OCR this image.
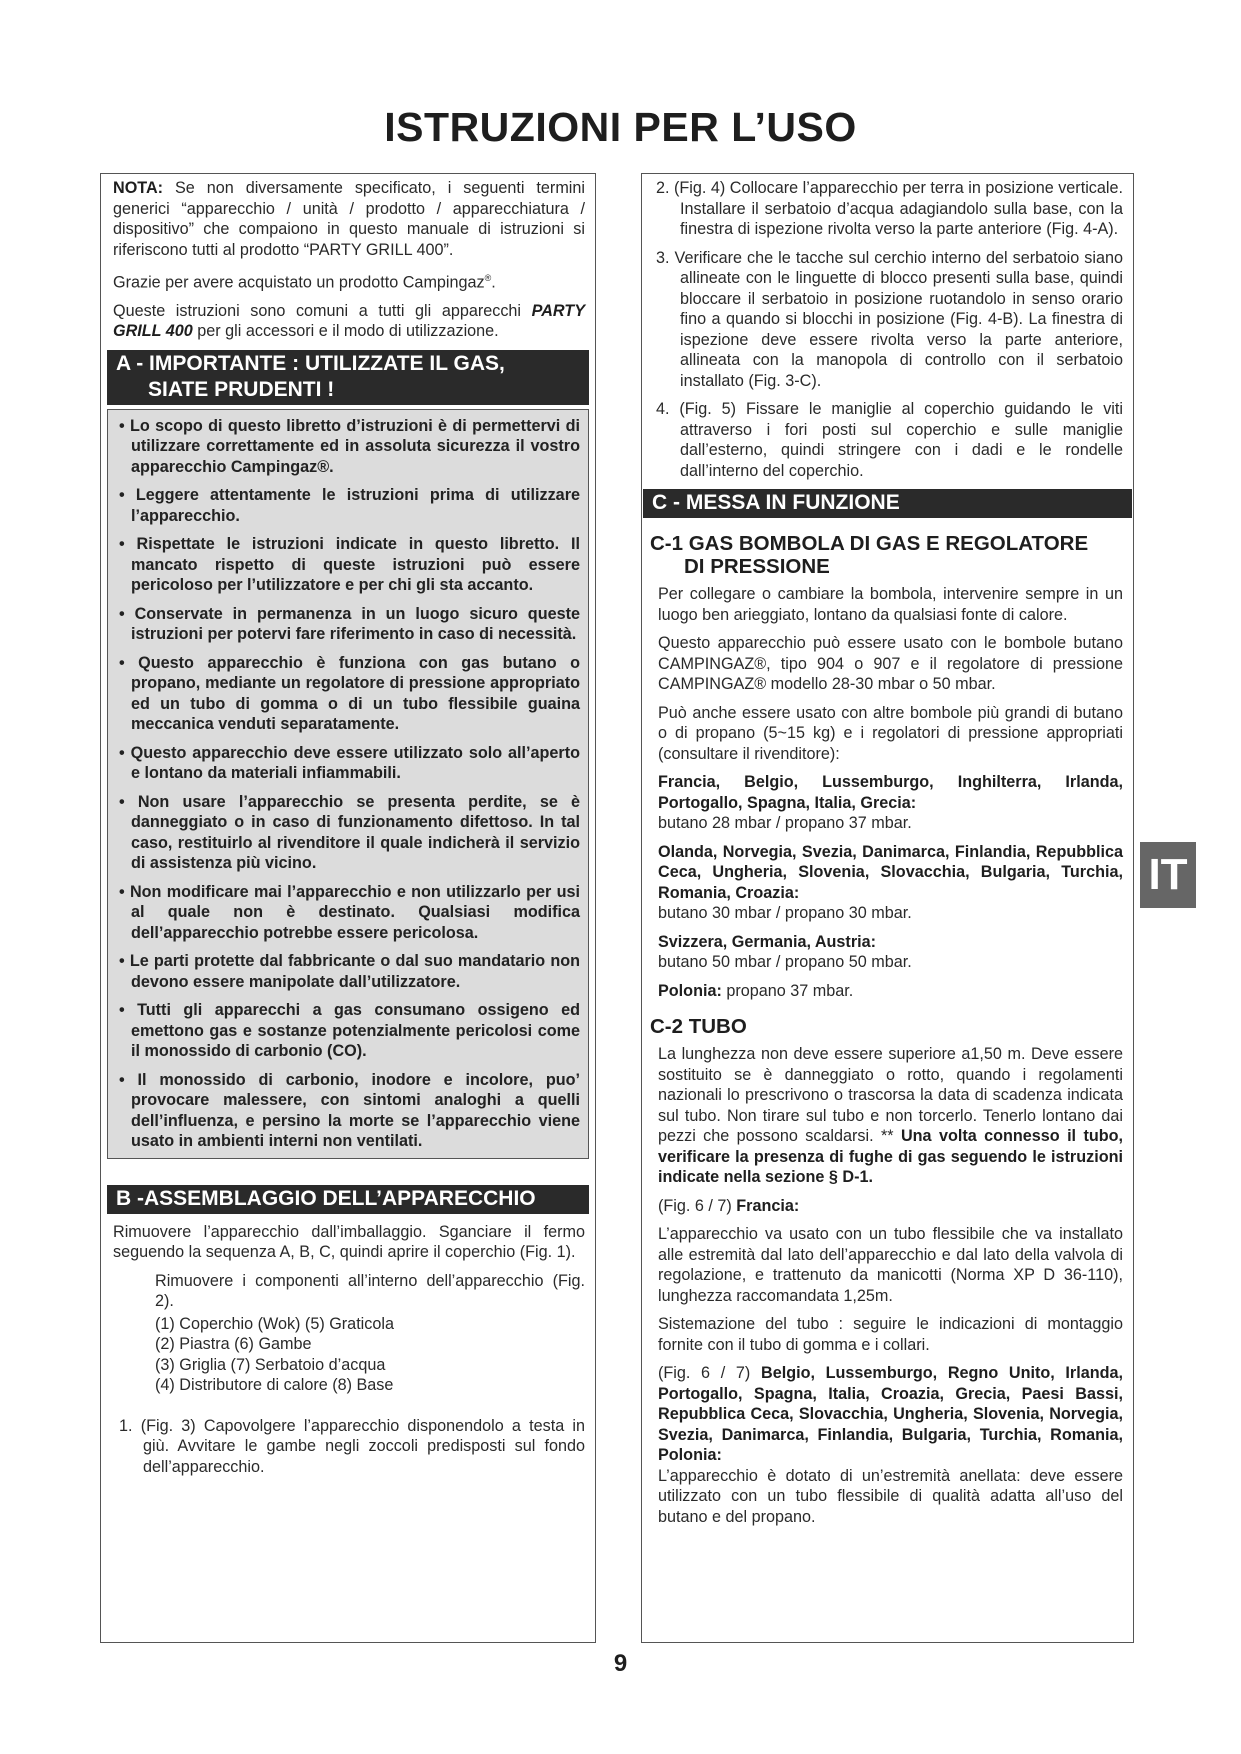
ISTRUZIONI PER L’USO

NOTA: Se non diversamente specificato, i seguenti termini generici “apparecchio / unità / prodotto / apparecchiatura / dispositivo” che compaiono in questo manuale di istruzioni si riferiscono tutti al prodotto “PARTY GRILL 400”.

Grazie per avere acquistato un prodotto Campingaz®.

Queste istruzioni sono comuni a tutti gli apparecchi PARTY GRILL 400 per gli accessori e il modo di utilizzazione.

A - IMPORTANTE : UTILIZZATE IL GAS,
SIATE PRUDENTI !

• Lo scopo di questo libretto d’istruzioni è di permettervi di utilizzare correttamente ed in assoluta sicurezza il vostro apparecchio Campingaz®.

• Leggere attentamente le istruzioni prima di utilizzare l’apparecchio.

• Rispettate le istruzioni indicate in questo libretto. Il mancato rispetto di queste istruzioni può essere pericoloso per l’utilizzatore e per chi gli sta accanto.

• Conservate in permanenza in un luogo sicuro queste istruzioni per potervi fare riferimento in caso di necessità.

• Questo apparecchio è funziona con gas butano o propano, mediante un regolatore di pressione appropriato ed un tubo di gomma o di un tubo flessibile guaina meccanica venduti separatamente.

• Questo apparecchio deve essere utilizzato solo all’aperto e lontano da materiali infiammabili.

• Non usare l’apparecchio se presenta perdite, se è danneggiato o in caso di funzionamento difettoso. In tal caso, restituirlo al rivenditore il quale indicherà il servizio di assistenza più vicino.

• Non modificare mai l’apparecchio e non utilizzarlo per usi al quale non è destinato. Qualsiasi modifica dell’apparecchio potrebbe essere pericolosa.

• Le parti protette dal fabbricante o dal suo mandatario non devono essere manipolate dall’utilizzatore.

• Tutti gli apparecchi a gas consumano ossigeno ed emettono gas e sostanze potenzialmente pericolosi come il monossido di carbonio (CO).

• Il monossido di carbonio, inodore e incolore, puo’ provocare malessere, con sintomi analoghi a quelli dell’influenza, e persino la morte se l’apparecchio viene usato in ambienti interni non ventilati.

B -ASSEMBLAGGIO DELL’APPARECCHIO

Rimuovere l’apparecchio dall’imballaggio. Sganciare il fermo seguendo la sequenza A, B, C, quindi aprire il coperchio (Fig. 1).

Rimuovere i componenti all’interno dell’apparecchio (Fig. 2).

(1) Coperchio (Wok) (5) Graticola

(2) Piastra (6) Gambe

(3) Griglia (7) Serbatoio d’acqua

(4) Distributore di calore (8) Base

1. (Fig. 3) Capovolgere l’apparecchio disponendolo a testa in giù. Avvitare le gambe negli zoccoli predisposti sul fondo dell’apparecchio.

2. (Fig. 4) Collocare l’apparecchio per terra in posizione verticale. Installare il serbatoio d’acqua adagiandolo sulla base, con la finestra di ispezione rivolta verso la parte anteriore (Fig. 4-A).

3. Verificare che le tacche sul cerchio interno del serbatoio siano allineate con le linguette di blocco presenti sulla base, quindi bloccare il serbatoio in posizione ruotandolo in senso orario fino a quando si blocchi in posizione (Fig. 4-B). La finestra di ispezione deve essere rivolta verso la parte anteriore, allineata con la manopola di controllo con il serbatoio installato (Fig. 3-C).

4. (Fig. 5) Fissare le maniglie al coperchio guidando le viti attraverso i fori posti sul coperchio e sulle maniglie dall’esterno, quindi stringere con i dadi e le rondelle dall’interno del coperchio.

C - MESSA IN FUNZIONE
C-1 GAS BOMBOLA DI GAS E REGOLATORE
DI PRESSIONE

Per collegare o cambiare la bombola, intervenire sempre in un luogo ben arieggiato, lontano da qualsiasi fonte di calore.

Questo apparecchio può essere usato con le bombole butano CAMPINGAZ®, tipo 904 o 907 e il regolatore di pressione CAMPINGAZ® modello 28-30 mbar o 50 mbar.

Può anche essere usato con altre bombole più grandi di butano o di propano (5~15 kg) e i regolatori di pressione appropriati (consultare il rivenditore):

Francia, Belgio, Lussemburgo, Inghilterra, Irlanda, Portogallo, Spagna, Italia, Grecia:

butano 28 mbar / propano 37 mbar.

Olanda, Norvegia, Svezia, Danimarca, Finlandia, Repubblica Ceca, Ungheria, Slovenia, Slovacchia, Bulgaria, Turchia, Romania, Croazia:

butano 30 mbar / propano 30 mbar.

Svizzera, Germania, Austria:

butano 50 mbar / propano 50 mbar.

Polonia: propano 37 mbar.

C-2 TUBO

La lunghezza non deve essere superiore a1,50 m. Deve essere sostituito se è danneggiato o rotto, quando i regolamenti nazionali lo prescrivono o trascorsa la data di scadenza indicata sul tubo. Non tirare sul tubo e non torcerlo. Tenerlo lontano dai pezzi che possono scaldarsi. ** Una volta connesso il tubo, verificare la presenza di fughe di gas seguendo le istruzioni indicate nella sezione § D-1.

(Fig. 6 / 7) Francia:

L’apparecchio va usato con un tubo flessibile che va installato alle estremità dal lato dell’apparecchio e dal lato della valvola di regolazione, e trattenuto da manicotti (Norma XP D 36-110), lunghezza raccomandata 1,25m.

Sistemazione del tubo : seguire le indicazioni di montaggio fornite con il tubo di gomma e i collari.

(Fig. 6 / 7) Belgio, Lussemburgo, Regno Unito, Irlanda, Portogallo, Spagna, Italia, Croazia, Grecia, Paesi Bassi, Repubblica Ceca, Slovacchia, Ungheria, Slovenia, Norvegia, Svezia, Danimarca, Finlandia, Bulgaria, Turchia, Romania, Polonia:

L’apparecchio è dotato di un’estremità anellata: deve essere utilizzato con un tubo flessibile di qualità adatta all’uso del butano e del propano.

IT
9
